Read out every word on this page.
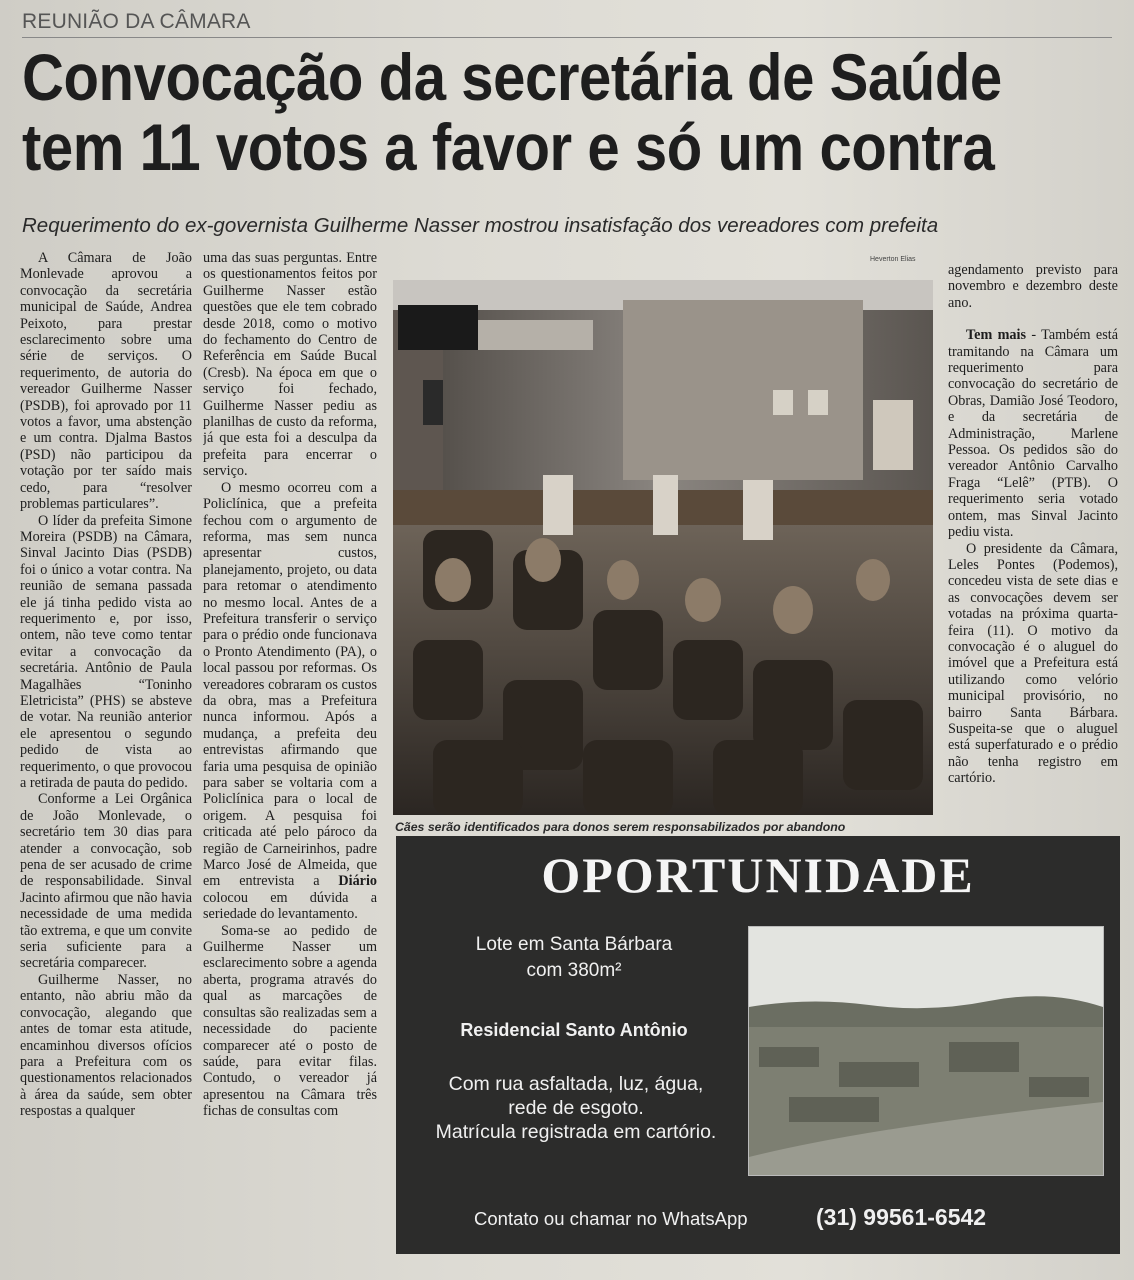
REUNIÃO DA CÂMARA
Convocação da secretária de Saúde
tem 11 votos a favor e só um contra
Requerimento do ex-governista Guilherme Nasser mostrou insatisfação dos vereadores com prefeita

A Câmara de João Monlevade aprovou a convocação da secretária municipal de Saúde, Andrea Peixoto, para prestar esclarecimento sobre uma série de serviços. O requerimento, de autoria do vereador Guilherme Nasser (PSDB), foi aprovado por 11 votos a favor, uma abstenção e um contra. Djalma Bastos (PSD) não participou da votação por ter saído mais cedo, para “resolver problemas particulares”.

O líder da prefeita Simone Moreira (PSDB) na Câmara, Sinval Jacinto Dias (PSDB) foi o único a votar contra. Na reunião de semana passada ele já tinha pedido vista ao requerimento e, por isso, ontem, não teve como tentar evitar a convocação da secretária. Antônio de Paula Magalhães “Toninho Eletricista” (PHS) se absteve de votar. Na reunião anterior ele apresentou o segundo pedido de vista ao requerimento, o que provocou a retirada de pauta do pedido.

Conforme a Lei Orgânica de João Monlevade, o secretário tem 30 dias para atender a convocação, sob pena de ser acusado de crime de responsabilidade. Sinval Jacinto afirmou que não havia necessidade de uma medida tão extrema, e que um convite seria suficiente para a secretária comparecer.

Guilherme Nasser, no entanto, não abriu mão da convocação, alegando que antes de tomar esta atitude, encaminhou diversos ofícios para a Prefeitura com os questionamentos relacionados à área da saúde, sem obter respostas a qualquer

uma das suas perguntas. Entre os questionamentos feitos por Guilherme Nasser estão questões que ele tem cobrado desde 2018, como o motivo do fechamento do Centro de Referência em Saúde Bucal (Cresb). Na época em que o serviço foi fechado, Guilherme Nasser pediu as planilhas de custo da reforma, já que esta foi a desculpa da prefeita para encerrar o serviço.

O mesmo ocorreu com a Policlínica, que a prefeita fechou com o argumento de reforma, mas sem nunca apresentar custos, planejamento, projeto, ou data para retomar o atendimento no mesmo local. Antes de a Prefeitura transferir o serviço para o prédio onde funcionava o Pronto Atendimento (PA), o local passou por reformas. Os vereadores cobraram os custos da obra, mas a Prefeitura nunca informou. Após a mudança, a prefeita deu entrevistas afirmando que faria uma pesquisa de opinião para saber se voltaria com a Policlínica para o local de origem. A pesquisa foi criticada até pelo pároco da região de Carneirinhos, padre Marco José de Almeida, que em entrevista a Diário colocou em dúvida a seriedade do levantamento.

Soma-se ao pedido de Guilherme Nasser um esclarecimento sobre a agenda aberta, programa através do qual as marcações de consultas são realizadas sem a necessidade do paciente comparecer até o posto de saúde, para evitar filas. Contudo, o vereador já apresentou na Câmara três fichas de consultas com

Heverton Elias
Cães serão identificados para donos serem responsabilizados por abandono

agendamento previsto para novembro e dezembro deste ano.

Tem mais - Também está tramitando na Câmara um requerimento para convocação do secretário de Obras, Damião José Teodoro, e da secretária de Administração, Marlene Pessoa. Os pedidos são do vereador Antônio Carvalho Fraga “Lelê” (PTB). O requerimento seria votado ontem, mas Sinval Jacinto pediu vista.

O presidente da Câmara, Leles Pontes (Podemos), concedeu vista de sete dias e as convocações devem ser votadas na próxima quarta-feira (11). O motivo da convocação é o aluguel do imóvel que a Prefeitura está utilizando como velório municipal provisório, no bairro Santa Bárbara. Suspeita-se que o aluguel está superfaturado e o prédio não tenha registro em cartório.

OPORTUNIDADE
Lote em Santa Bárbara
com 380m²
Residencial Santo Antônio
Com rua asfaltada, luz, água,
rede de esgoto.
Matrícula registrada em cartório.
Contato ou chamar no WhatsApp	(31) 99561-6542
